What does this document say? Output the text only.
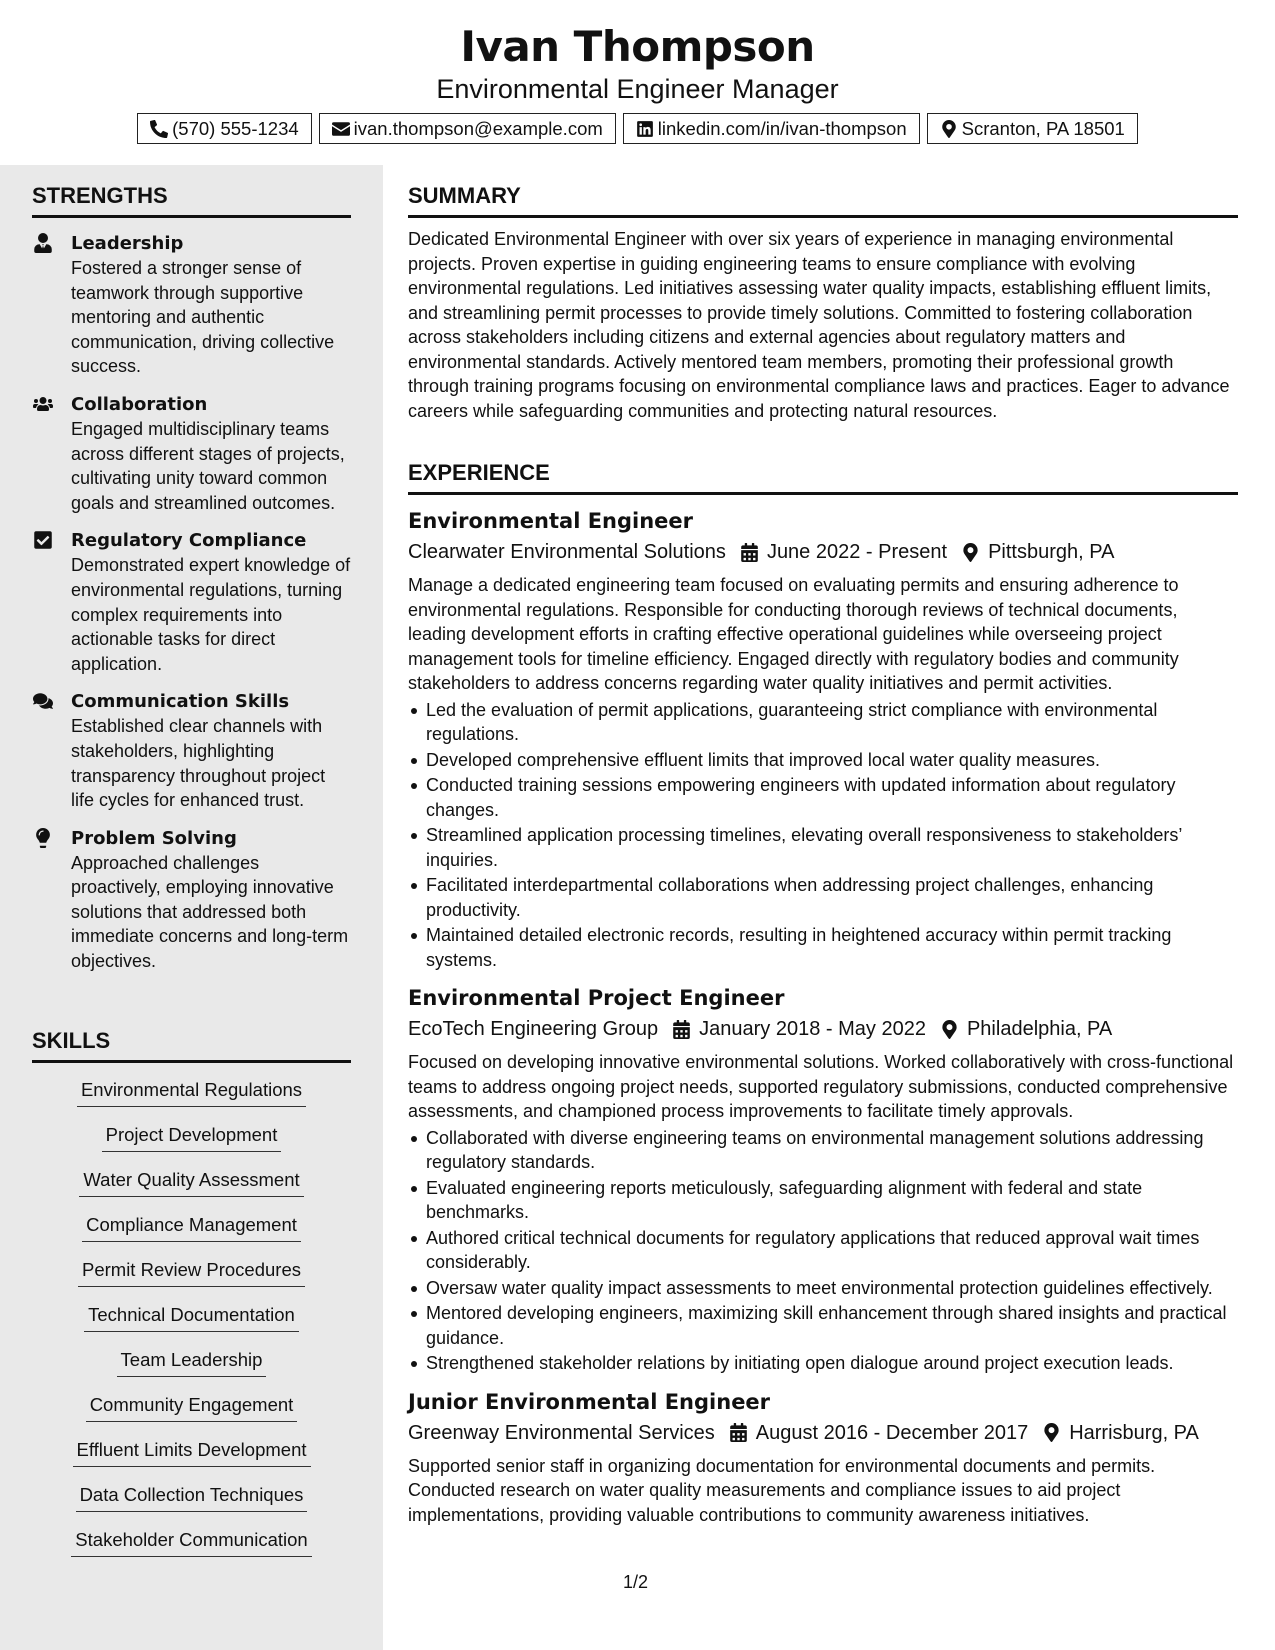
Ivan Thompson
Environmental Engineer Manager
(570) 555-1234	ivan.thompson@example.com	linkedin.com/in/ivan-thompson	Scranton, PA 18501
STRENGTHS
Leadership
Fostered a stronger sense of teamwork through supportive mentoring and authentic communication, driving collective success.
Collaboration
Engaged multidisciplinary teams across different stages of projects, cultivating unity toward common goals and streamlined outcomes.
Regulatory Compliance
Demonstrated expert knowledge of environmental regulations, turning complex requirements into actionable tasks for direct application.
Communication Skills
Established clear channels with stakeholders, highlighting transparency throughout project life cycles for enhanced trust.
Problem Solving
Approached challenges proactively, employing innovative solutions that addressed both immediate concerns and long-term objectives.
SKILLS
Environmental Regulations
Project Development
Water Quality Assessment
Compliance Management
Permit Review Procedures
Technical Documentation
Team Leadership
Community Engagement
Effluent Limits Development
Data Collection Techniques
Stakeholder Communication
SUMMARY
Dedicated Environmental Engineer with over six years of experience in managing environmental projects. Proven expertise in guiding engineering teams to ensure compliance with evolving environmental regulations. Led initiatives assessing water quality impacts, establishing effluent limits, and streamlining permit processes to provide timely solutions. Committed to fostering collaboration across stakeholders including citizens and external agencies about regulatory matters and environmental standards. Actively mentored team members, promoting their professional growth through training programs focusing on environmental compliance laws and practices. Eager to advance careers while safeguarding communities and protecting natural resources.
EXPERIENCE
Environmental Engineer
Clearwater Environmental Solutions June 2022 - Present Pittsburgh, PA
Manage a dedicated engineering team focused on evaluating permits and ensuring adherence to environmental regulations. Responsible for conducting thorough reviews of technical documents, leading development efforts in crafting effective operational guidelines while overseeing project management tools for timeline efficiency. Engaged directly with regulatory bodies and community stakeholders to address concerns regarding water quality initiatives and permit activities.
Led the evaluation of permit applications, guaranteeing strict compliance with environmental regulations.
Developed comprehensive effluent limits that improved local water quality measures.
Conducted training sessions empowering engineers with updated information about regulatory changes.
Streamlined application processing timelines, elevating overall responsiveness to stakeholders’ inquiries.
Facilitated interdepartmental collaborations when addressing project challenges, enhancing productivity.
Maintained detailed electronic records, resulting in heightened accuracy within permit tracking systems.
Environmental Project Engineer
EcoTech Engineering Group January 2018 - May 2022 Philadelphia, PA
Focused on developing innovative environmental solutions. Worked collaboratively with cross-functional teams to address ongoing project needs, supported regulatory submissions, conducted comprehensive assessments, and championed process improvements to facilitate timely approvals.
Collaborated with diverse engineering teams on environmental management solutions addressing regulatory standards.
Evaluated engineering reports meticulously, safeguarding alignment with federal and state benchmarks.
Authored critical technical documents for regulatory applications that reduced approval wait times considerably.
Oversaw water quality impact assessments to meet environmental protection guidelines effectively.
Mentored developing engineers, maximizing skill enhancement through shared insights and practical guidance.
Strengthened stakeholder relations by initiating open dialogue around project execution leads.
Junior Environmental Engineer
Greenway Environmental Services August 2016 - December 2017 Harrisburg, PA
Supported senior staff in organizing documentation for environmental documents and permits. Conducted research on water quality measurements and compliance issues to aid project implementations, providing valuable contributions to community awareness initiatives.
1/2
